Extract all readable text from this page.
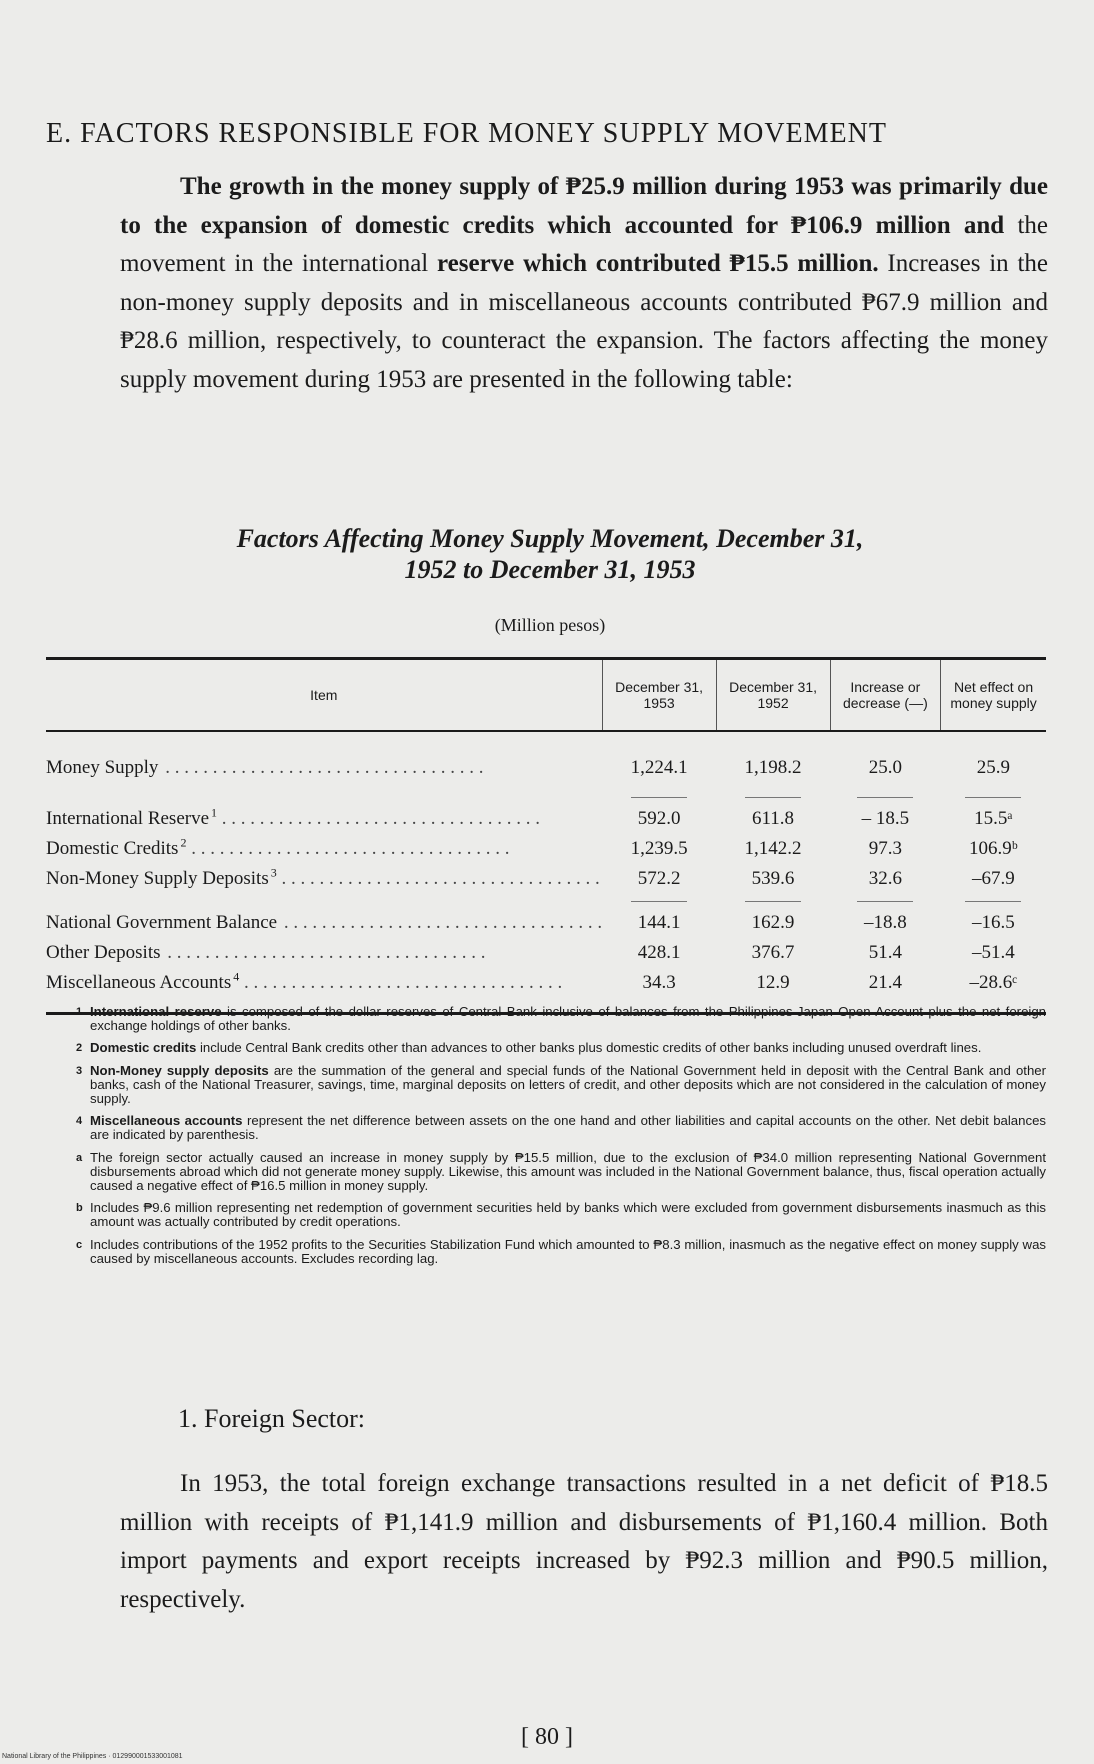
E. FACTORS RESPONSIBLE FOR MONEY SUPPLY MOVEMENT

The growth in the money supply of ₱25.9 million during 1953 was primarily due to the expansion of domestic credits which accounted for ₱106.9 million and the movement in the international reserve which contributed ₱15.5 million. Increases in the non-money supply deposits and in miscellaneous accounts contributed ₱67.9 million and ₱28.6 million, respectively, to counteract the expansion. The factors affecting the money supply movement during 1953 are presented in the following table:

Factors Affecting Money Supply Movement, December 31,
1952 to December 31, 1953

(Million pesos)

Item	December 31, 1953	December 31, 1952	Increase or decrease (—)	Net effect on money supply
Money Supply . . .	1,224.1	1,198.2	25.0	25.9

International Reserve $^1$ . . .	592.0	611.8	– 18.5	15.5ᵃ
Domestic Credits $^2$ . . .	1,239.5	1,142.2	97.3	106.9ᵇ
Non-Money Supply Deposits $^3$ . . .	572.2	539.6	32.6	–67.9

National Government Balance . . .	144.1	162.9	–18.8	–16.5
Other Deposits . . .	428.1	376.7	51.4	–51.4
Miscellaneous Accounts $^4$ . . .	34.3	12.9	21.4	–28.6ᶜ

1 International reserve is composed of the dollar reserves of Central Bank inclusive of balances from the Philippines-Japan Open Account plus the net foreign exchange holdings of other banks.
2 Domestic credits include Central Bank credits other than advances to other banks plus domestic credits of other banks including unused overdraft lines.
3 Non-Money supply deposits are the summation of the general and special funds of the National Government held in deposit with the Central Bank and other banks, cash of the National Treasurer, savings, time, marginal deposits on letters of credit, and other deposits which are not considered in the calculation of money supply.
4 Miscellaneous accounts represent the net difference between assets on the one hand and other liabilities and capital accounts on the other. Net debit balances are indicated by parenthesis.
a The foreign sector actually caused an increase in money supply by ₱15.5 million, due to the exclusion of ₱34.0 million representing National Government disbursements abroad which did not generate money supply. Likewise, this amount was included in the National Government balance, thus, fiscal operation actually caused a negative effect of ₱16.5 million in money supply.
b Includes ₱9.6 million representing net redemption of government securities held by banks which were excluded from government disbursements inasmuch as this amount was actually contributed by credit operations.
c Includes contributions of the 1952 profits to the Securities Stabilization Fund which amounted to ₱8.3 million, inasmuch as the negative effect on money supply was caused by miscellaneous accounts. Excludes recording lag.
1. Foreign Sector:

In 1953, the total foreign exchange transactions resulted in a net deficit of ₱18.5 million with receipts of ₱1,141.9 million and disbursements of ₱1,160.4 million. Both import payments and export receipts increased by ₱92.3 million and ₱90.5 million, respectively.

[ 80 ]

National Library of the Philippines · 012990001533001081
